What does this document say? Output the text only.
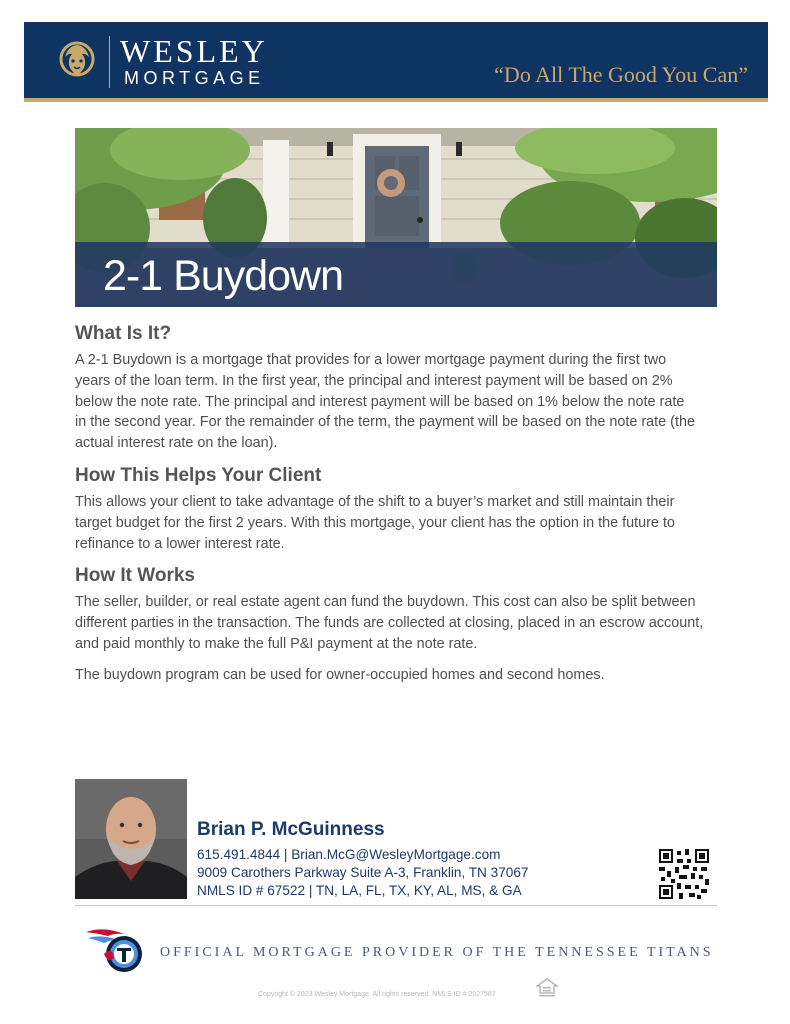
WESLEY
MORTGAGE	“Do All The Good You Can”
2-1 Buydown
What Is It?

A 2-1 Buydown is a mortgage that provides for a lower mortgage payment during the first two years of the loan term. In the first year, the principal and interest payment will be based on 2% below the note rate. The principal and interest payment will be based on 1% below the note rate in the second year. For the remainder of the term, the payment will be based on the note rate (the actual interest rate on the loan).

How This Helps Your Client

This allows your client to take advantage of the shift to a buyer’s market and still maintain their target budget for the first 2 years. With this mortgage, your client has the option in the future to refinance to a lower interest rate.

How It Works

The seller, builder, or real estate agent can fund the buydown. This cost can also be split between different parties in the transaction. The funds are collected at closing, placed in an escrow account, and paid monthly to make the full P&I payment at the note rate.

The buydown program can be used for owner-occupied homes and second homes.

Brian P. McGuinness
615.491.4844 | Brian.McG@WesleyMortgage.com
9009 Carothers Parkway Suite A-3, Franklin, TN 37067
NMLS ID # 67522 | TN, LA, FL, TX, KY, AL, MS, & GA
OFFICIAL MORTGAGE PROVIDER OF THE TENNESSEE TITANS
Copyright © 2023 Wesley Mortgage. All rights reserved. NMLS ID # 2027587
